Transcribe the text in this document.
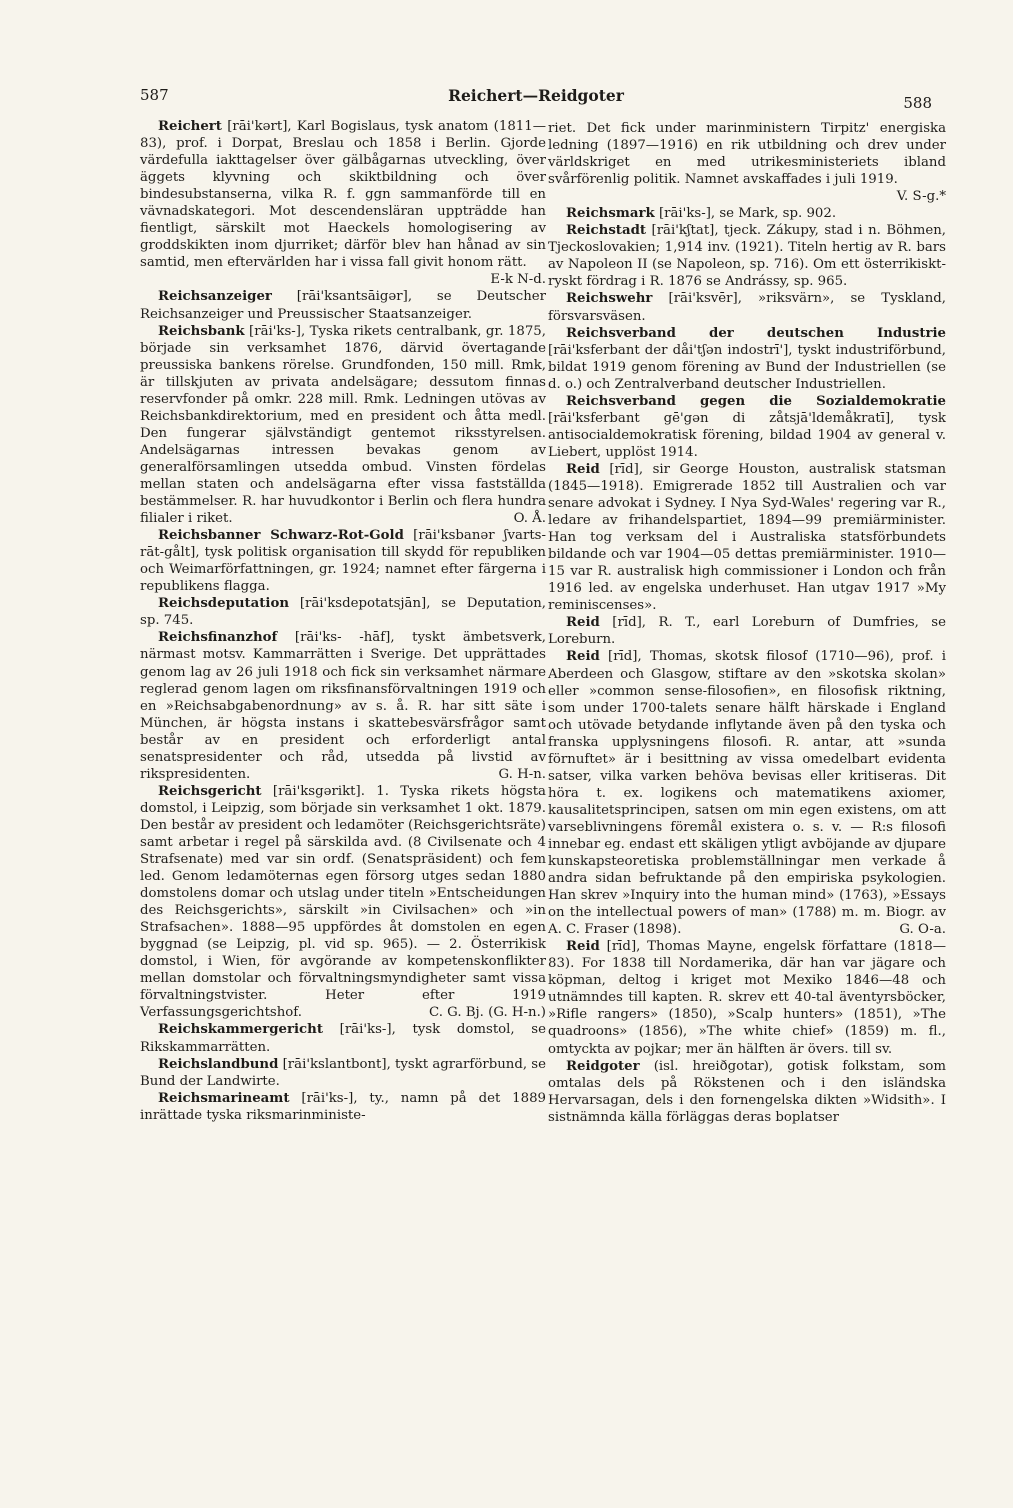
587	Reichert—Reidgoter	588

Reichert [rāi'kərt], Karl Bogislaus, tysk anatom (1811—83), prof. i Dorpat, Breslau och 1858 i Berlin. Gjorde värdefulla iakttagelser över gälbågarnas utveckling, över äggets klyvning och skiktbildning och över bindesubstanserna, vilka R. f. ggn sammanförde till en vävnadskategori. Mot descendensläran uppträdde han fientligt, särskilt mot Haeckels homologisering av groddskikten inom djurriket; därför blev han hånad av sin samtid, men eftervärlden har i vissa fall givit honom rätt.
E-k N-d.

Reichsanzeiger [rāi'ksantsāigər], se Deutscher Reichsanzeiger und Preussischer Staatsanzeiger.

Reichsbank [rāi'ks-], Tyska rikets centralbank, gr. 1875, började sin verksamhet 1876, därvid övertagande preussiska bankens rörelse. Grundfonden, 150 mill. Rmk, är tillskjuten av privata andelsägare; dessutom finnas reservfonder på omkr. 228 mill. Rmk. Ledningen utövas av Reichsbankdirektorium, med en president och åtta medl. Den fungerar självständigt gentemot riksstyrelsen. Andelsägarnas intressen bevakas genom av generalförsamlingen utsedda ombud. Vinsten fördelas mellan staten och andelsägarna efter vissa fastställda bestämmelser. R. har huvudkontor i Berlin och flera hundra filialer i riket.	O. Å.

Reichsbanner Schwarz-Rot-Gold [rāi'ksbanər ʃvarts-rāt-gålt], tysk politisk organisation till skydd för republiken och Weimarförfattningen, gr. 1924; namnet efter färgerna i republikens flagga.

Reichsdeputation [rāi'ksdepotatsjān], se Deputation, sp. 745.

Reichsfinanzhof [rāi'ks- -hāf], tyskt ämbetsverk, närmast motsv. Kammarrätten i Sverige. Det upprättades genom lag av 26 juli 1918 och fick sin verksamhet närmare reglerad genom lagen om riksfinansförvaltningen 1919 och en »Reichsabgabenordnung» av s. å. R. har sitt säte i München, är högsta instans i skattebesvärsfrågor samt består av en president och erforderligt antal senatspresidenter och råd, utsedda på livstid av rikspresidenten.	G. H-n.

Reichsgericht [rāi'ksgərikt]. 1. Tyska rikets högsta domstol, i Leipzig, som började sin verksamhet 1 okt. 1879. Den består av president och ledamöter (Reichsgerichtsräte) samt arbetar i regel på särskilda avd. (8 Civilsenate och 4 Strafsenate) med var sin ordf. (Senatspräsident) och fem led. Genom ledamöternas egen försorg utges sedan 1880 domstolens domar och utslag under titeln »Entscheidungen des Reichsgerichts», särskilt »in Civilsachen» och »in Strafsachen». 1888—95 uppfördes åt domstolen en egen byggnad (se Leipzig, pl. vid sp. 965). — 2. Österrikisk domstol, i Wien, för avgörande av kompetenskonflikter mellan domstolar och förvaltningsmyndigheter samt vissa förvaltningstvister. Heter efter 1919 Verfassungsgerichtshof.	C. G. Bj. (G. H-n.)

Reichskammergericht [rāi'ks-], tysk domstol, se Rikskammarrätten.

Reichslandbund [rāi'kslantbont], tyskt agrarförbund, se Bund der Landwirte.

Reichsmarineamt [rāi'ks-], ty., namn på det 1889 inrättade tyska riksmarinministe-

riet. Det fick under marinministern Tirpitz' energiska ledning (1897—1916) en rik utbildning och drev under världskriget en med utrikesministeriets ibland svårförenlig politik. Namnet avskaffades i juli 1919.
V. S-g.*

Reichsmark [rāi'ks-], se Mark, sp. 902.

Reichstadt [rāi'kʃtat], tjeck. Zákupy, stad i n. Böhmen, Tjeckoslovakien; 1,914 inv. (1921). Titeln hertig av R. bars av Napoleon II (se Napoleon, sp. 716). Om ett österrikiskt-ryskt fördrag i R. 1876 se Andrássy, sp. 965.

Reichswehr [rāi'ksvēr], »riksvärn», se Tyskland, försvarsväsen.

Reichsverband der deutschen Industrie [rāi'ksferbant der dåi'tʃən indostrī'], tyskt industriförbund, bildat 1919 genom förening av Bund der Industriellen (se d. o.) och Zentralverband deutscher Industriellen.

Reichsverband gegen die Sozialdemokratie [rāi'ksferbant gē'gən di zåtsjā'ldemåkratī], tysk antisocialdemokratisk förening, bildad 1904 av general v. Liebert, upplöst 1914.

Reid [rīd], sir George Houston, australisk statsman (1845—1918). Emigrerade 1852 till Australien och var senare advokat i Sydney. I Nya Syd-Wales' regering var R., ledare av frihandelspartiet, 1894—99 premiärminister. Han tog verksam del i Australiska statsförbundets bildande och var 1904—05 dettas premiärminister. 1910—15 var R. australisk high commissioner i London och från 1916 led. av engelska underhuset. Han utgav 1917 »My reminiscenses».

Reid [rīd], R. T., earl Loreburn of Dumfries, se Loreburn.

Reid [rīd], Thomas, skotsk filosof (1710—96), prof. i Aberdeen och Glasgow, stiftare av den »skotska skolan» eller »common sense-filosofien», en filosofisk riktning, som under 1700-talets senare hälft härskade i England och utövade betydande inflytande även på den tyska och franska upplysningens filosofi. R. antar, att »sunda förnuftet» är i besittning av vissa omedelbart evidenta satser, vilka varken behöva bevisas eller kritiseras. Dit höra t. ex. logikens och matematikens axiomer, kausalitetsprincipen, satsen om min egen existens, om att varseblivningens föremål existera o. s. v. — R:s filosofi innebar eg. endast ett skäligen ytligt avböjande av djupare kunskapsteoretiska problemställningar men verkade å andra sidan befruktande på den empiriska psykologien. Han skrev »Inquiry into the human mind» (1763), »Essays on the intellectual powers of man» (1788) m. m. Biogr. av A. C. Fraser (1898).	G. O-a.

Reid [rīd], Thomas Mayne, engelsk författare (1818—83). For 1838 till Nordamerika, där han var jägare och köpman, deltog i kriget mot Mexiko 1846—48 och utnämndes till kapten. R. skrev ett 40-tal äventyrsböcker, »Rifle rangers» (1850), »Scalp hunters» (1851), »The quadroons» (1856), »The white chief» (1859) m. fl., omtyckta av pojkar; mer än hälften är övers. till sv.

Reidgoter (isl. hreiðgotar), gotisk folkstam, som omtalas dels på Rökstenen och i den isländska Hervarsagan, dels i den fornengelska dikten »Widsith». I sistnämnda källa förläggas deras boplatser
